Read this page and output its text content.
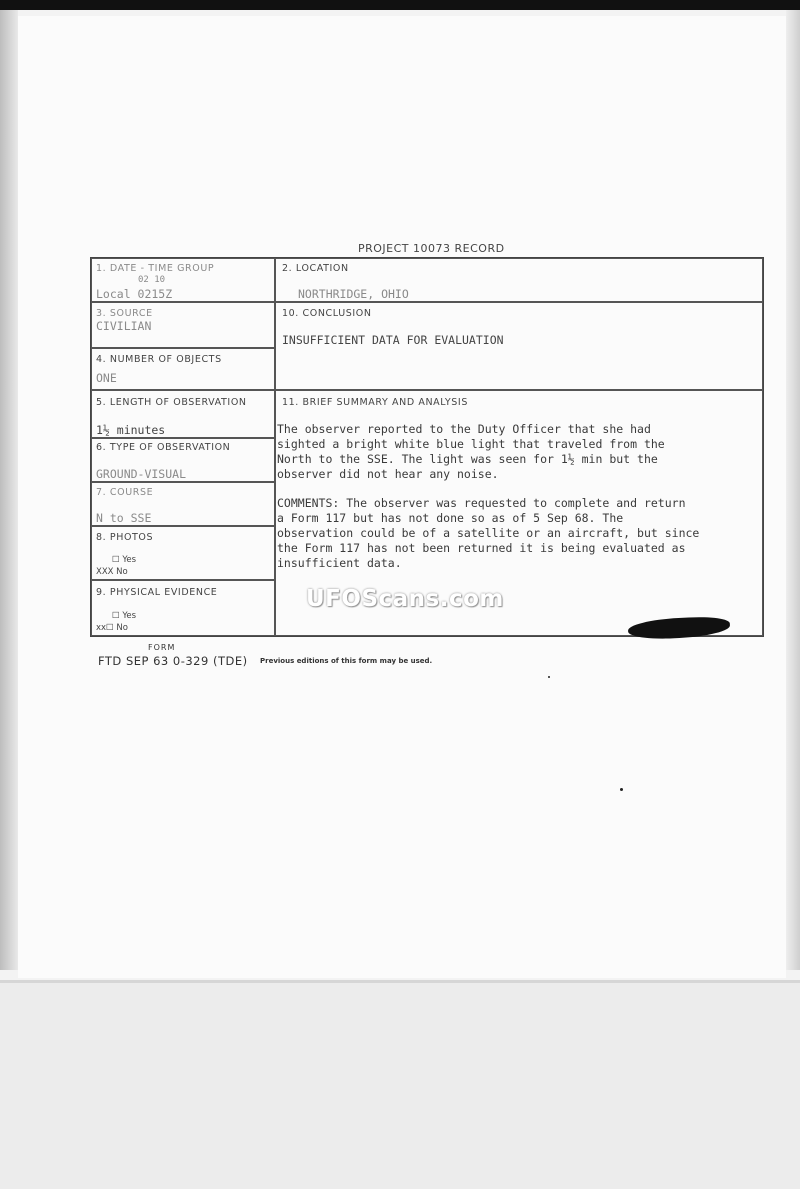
PROJECT 10073 RECORD
1. DATE - TIME GROUP
02 10
Local 0215Z
2. LOCATION
NORTHRIDGE, OHIO
3. SOURCE
CIVILIAN
10. CONCLUSION
INSUFFICIENT DATA FOR EVALUATION
4. NUMBER OF OBJECTS
ONE
5. LENGTH OF OBSERVATION
1½ minutes
11. BRIEF SUMMARY AND ANALYSIS
6. TYPE OF OBSERVATION
GROUND-VISUAL
7. COURSE
N to SSE
8. PHOTOS
☐ Yes
XXX No
9. PHYSICAL EVIDENCE
☐ Yes
xx☐ No

The observer reported to the Duty Officer that she had
sighted a bright white blue light that traveled from the
North to the SSE. The light was seen for 1½ min but the
observer did not hear any noise.

COMMENTS: The observer was requested to complete and return
a Form 117 but has not done so as of 5 Sep 68. The
observation could be of a satellite or an aircraft, but since
the Form 117 has not been returned it is being evaluated as
insufficient data.

UFOScans.com
FORM
FTD SEP 63 0-329 (TDE) Previous editions of this form may be used.
